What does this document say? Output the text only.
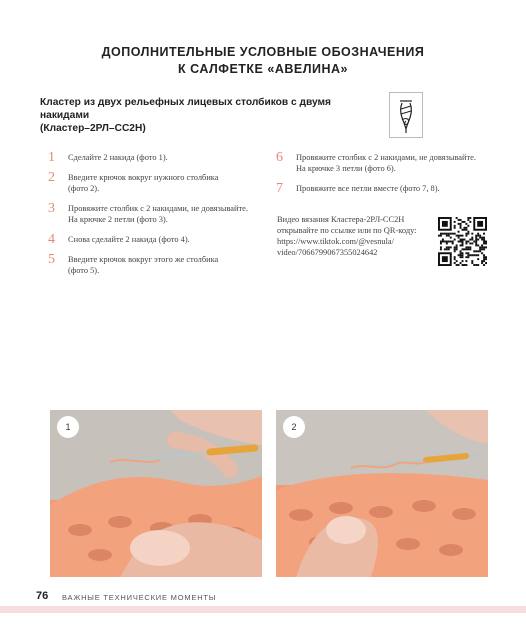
ДОПОЛНИТЕЛЬНЫЕ УСЛОВНЫЕ ОБОЗНАЧЕНИЯ
К САЛФЕТКЕ «АВЕЛИНА»
Кластер из двух рельефных лицевых столбиков с двумя накидами
(Кластер–2РЛ–СС2Н)
1 Сделайте 2 накида (фото 1).
2 Введите крючок вокруг нужного столбика
(фото 2).
3 Провяжите столбик с 2 накидами, не довязывайте.
На крючке 2 петли (фото 3).
4 Снова сделайте 2 накида (фото 4).
5 Введите крючок вокруг этого же столбика
(фото 5).
6 Провяжите столбик с 2 накидами, не довязывайте.
На крючке 3 петли (фото 6).
7 Провяжите все петли вместе (фото 7, 8).
Видео вязания Кластера-2РЛ-СС2Н
открывайте по ссылке или по QR-коду:
https://www.tiktok.com/@vesnula/
video/7066799067355024642
1	2
76 ВАЖНЫЕ ТЕХНИЧЕСКИЕ МОМЕНТЫ
